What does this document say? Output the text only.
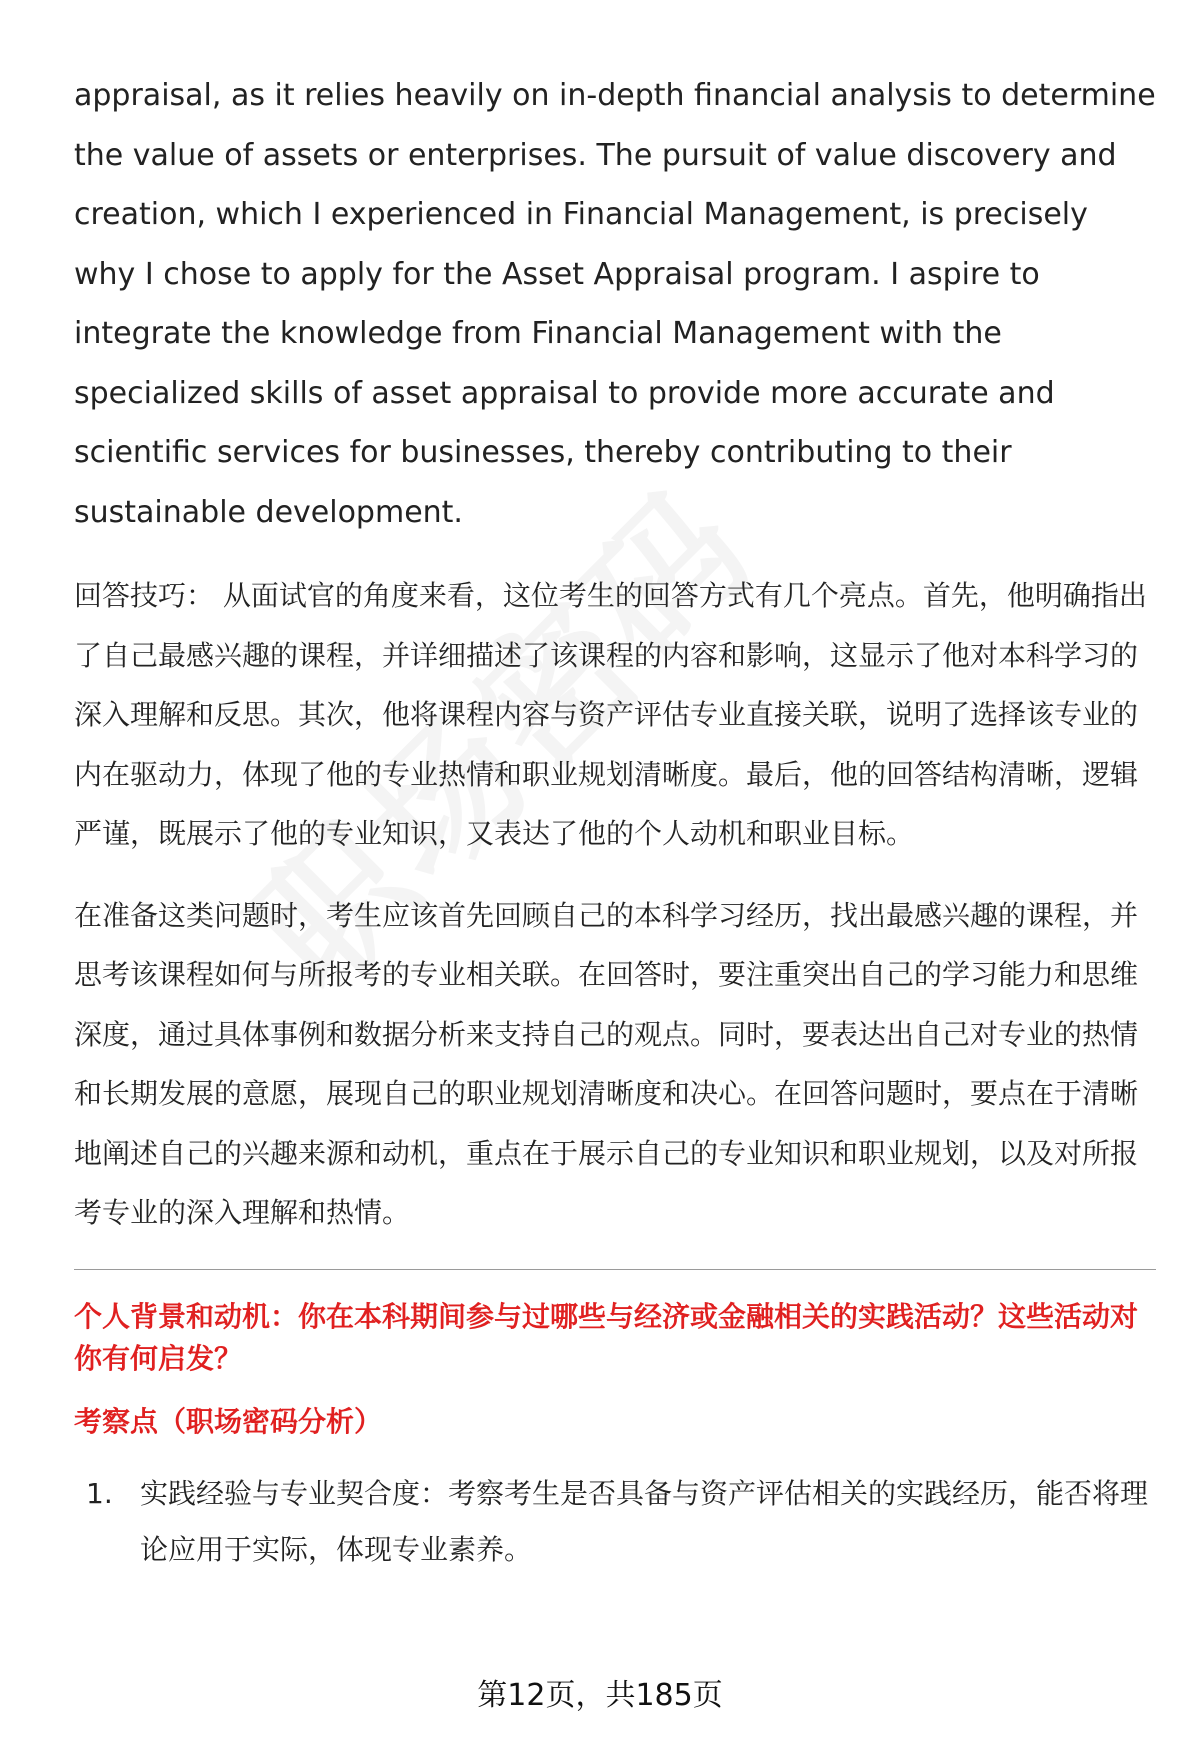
appraisal, as it relies heavily on in-depth financial analysis to determine the value of assets or enterprises. The pursuit of value discovery and creation, which I experienced in Financial Management, is precisely why I chose to apply for the Asset Appraisal program. I aspire to integrate the knowledge from Financial Management with the specialized skills of asset appraisal to provide more accurate and scientific services for businesses, thereby contributing to their sustainable development.

回答技巧： 从面试官的角度来看，这位考生的回答方式有几个亮点。首先，他明确指出了自己最感兴趣的课程，并详细描述了该课程的内容和影响，这显示了他对本科学习的深入理解和反思。其次，他将课程内容与资产评估专业直接关联，说明了选择该专业的内在驱动力，体现了他的专业热情和职业规划清晰度。最后，他的回答结构清晰，逻辑严谨，既展示了他的专业知识，又表达了他的个人动机和职业目标。

在准备这类问题时，考生应该首先回顾自己的本科学习经历，找出最感兴趣的课程，并思考该课程如何与所报考的专业相关联。在回答时，要注重突出自己的学习能力和思维深度，通过具体事例和数据分析来支持自己的观点。同时，要表达出自己对专业的热情和长期发展的意愿，展现自己的职业规划清晰度和决心。在回答问题时，要点在于清晰地阐述自己的兴趣来源和动机，重点在于展示自己的专业知识和职业规划，以及对所报考专业的深入理解和热情。

个人背景和动机：你在本科期间参与过哪些与经济或金融相关的实践活动？这些活动对你有何启发？

考察点（职场密码分析）

1. 实践经验与专业契合度：考察考生是否具备与资产评估相关的实践经历，能否将理论应用于实际，体现专业素养。
第12页，共185页
